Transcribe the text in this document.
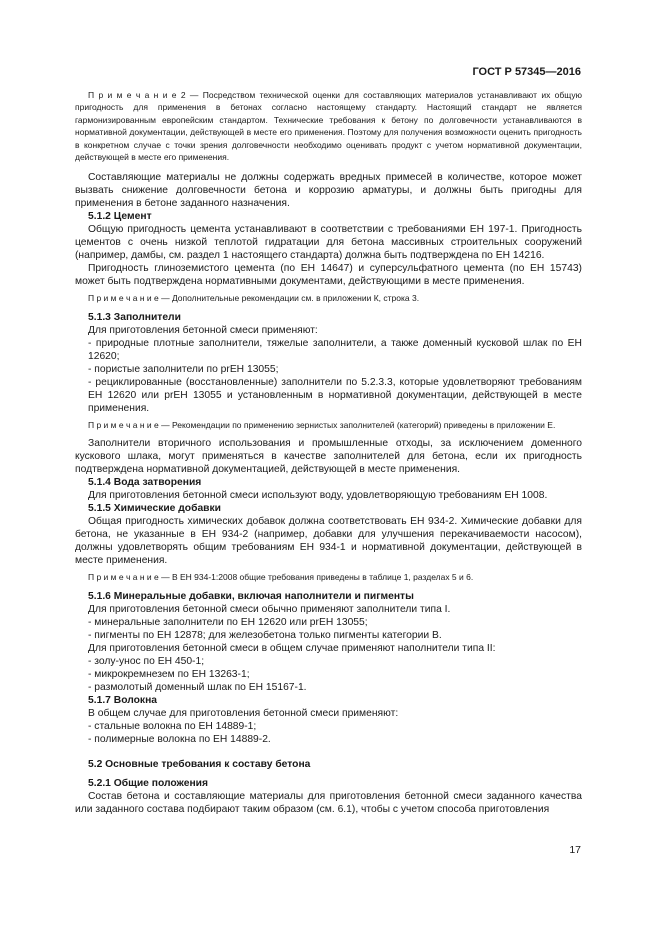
ГОСТ Р 57345—2016

П р и м е ч а н и е 2 — Посредством технической оценки для составляющих материалов устанавливают их общую пригодность для применения в бетонах согласно настоящему стандарту. Настоящий стандарт не является гармонизированным европейским стандартом. Технические требования к бетону по долговечности устанавливаются в нормативной документации, действующей в месте его применения. Поэтому для получения возможности оценить пригодность в конкретном случае с точки зрения долговечности необходимо оценивать продукт с учетом нормативной документации, действующей в месте его применения.

Составляющие материалы не должны содержать вредных примесей в количестве, которое может вызвать снижение долговечности бетона и коррозию арматуры, и должны быть пригодны для применения в бетоне заданного назначения.

5.1.2 Цемент

Общую пригодность цемента устанавливают в соответствии с требованиями ЕН 197-1. Пригодность цементов с очень низкой теплотой гидратации для бетона массивных строительных сооружений (например, дамбы, см. раздел 1 настоящего стандарта) должна быть подтверждена по ЕН 14216.

Пригодность глиноземистого цемента (по ЕН 14647) и суперсульфатного цемента (по ЕН 15743) может быть подтверждена нормативными документами, действующими в месте применения.

П р и м е ч а н и е — Дополнительные рекомендации см. в приложении К, строка 3.

5.1.3 Заполнители

Для приготовления бетонной смеси применяют:

- природные плотные заполнители, тяжелые заполнители, а также доменный кусковой шлак по ЕН 12620;

- пористые заполнители по prEH 13055;

- рециклированные (восстановленные) заполнители по 5.2.3.3, которые удовлетворяют требованиям ЕН 12620 или prEH 13055 и установленным в нормативной документации, действующей в месте применения.

П р и м е ч а н и е — Рекомендации по применению зернистых заполнителей (категорий) приведены в приложении Е.

Заполнители вторичного использования и промышленные отходы, за исключением доменного кускового шлака, могут применяться в качестве заполнителей для бетона, если их пригодность подтверждена нормативной документацией, действующей в месте применения.

5.1.4 Вода затворения

Для приготовления бетонной смеси используют воду, удовлетворяющую требованиям ЕН 1008.

5.1.5 Химические добавки

Общая пригодность химических добавок должна соответствовать ЕН 934-2. Химические добавки для бетона, не указанные в ЕН 934-2 (например, добавки для улучшения перекачиваемости насосом), должны удовлетворять общим требованиям ЕН 934-1 и нормативной документации, действующей в месте применения.

П р и м е ч а н и е — В ЕН 934-1:2008 общие требования приведены в таблице 1, разделах 5 и 6.

5.1.6 Минеральные добавки, включая наполнители и пигменты

Для приготовления бетонной смеси обычно применяют заполнители типа I.

- минеральные заполнители по ЕН 12620 или prEH 13055;

- пигменты по ЕН 12878; для железобетона только пигменты категории В.

Для приготовления бетонной смеси в общем случае применяют наполнители типа II:

- золу-унос по ЕН 450-1;

- микрокремнезем по ЕН 13263-1;

- размолотый доменный шлак по ЕН 15167-1.

5.1.7 Волокна

В общем случае для приготовления бетонной смеси применяют:

- стальные волокна по ЕН 14889-1;

- полимерные волокна по ЕН 14889-2.

5.2 Основные требования к составу бетона

5.2.1 Общие положения

Состав бетона и составляющие материалы для приготовления бетонной смеси заданного качества или заданного состава подбирают таким образом (см. 6.1), чтобы с учетом способа приготовления

17
